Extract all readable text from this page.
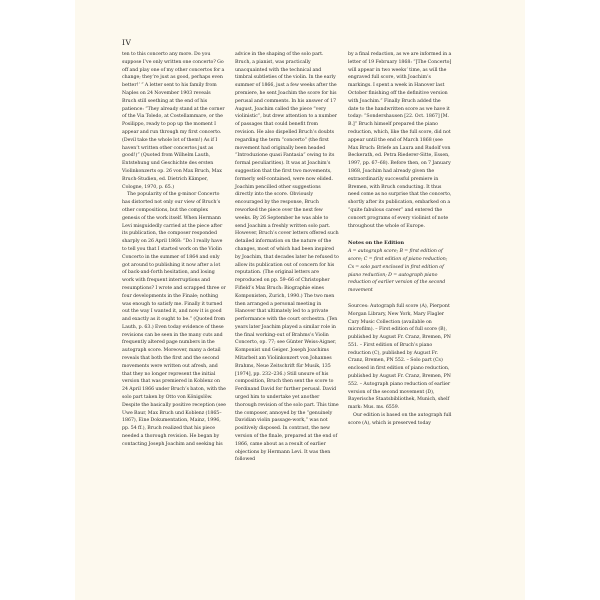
IV

ten to this concerto any more. Do you suppose I’ve only written one concerto? Go off and play one of my other concertos for a change; they’re just as good, perhaps even better!’ ” A letter sent to his family from Naples on 24 November 1903 reveals Bruch still seething at the end of his patience: “They already stand at the corner of the Via Toledo, at Costellammare, or the Posilippo, ready to pop up the moment I appear and run through my first concerto. (Devil take the whole lot of them!) As if I haven’t written other concertos just as good!)” (Quoted from Wilhelm Lauth, Entstehung und Geschichte des ersten Violinkonzerts op. 26 von Max Bruch, Max Bruch-Studien, ed. Dietrich Kämper, Cologne, 1970, p. 65.)

The popularity of the g-minor Concerto has distorted not only our view of Bruch’s other compositions, but the complex genesis of the work itself. When Hermann Levi misguidedly carried at the piece after its publication, the composer responded sharply on 26 April 1868: “Do I really have to tell you that I started work on the Violin Concerto in the summer of 1864 and only got around to publishing it now after a lot of back-and-forth hesitation, and losing work with frequent interruptions and resumptions? I wrote and scrapped three or four developments in the Finale; nothing was enough to satisfy me. Finally it turned out the way I wanted it, and now it is good and exactly as it ought to be.” (Quoted from Lauth, p. 63.) Even today evidence of these revisions can be seen in the many cuts and frequently altered page numbers in the autograph score. Moreover, many a detail reveals that both the first and the second movements were written out afresh, and that they no longer represent the initial version that was premiered in Koblenz on 24 April 1866 under Bruch’s baton, with the solo part taken by Otto von Königslöw. Despite the basically positive reception (see Uwe Baur, Max Bruch und Koblenz (1865–1867), Eine Dokumentation, Mainz, 1996, pp. 54 ff.), Bruch realized that his piece needed a thorough revision. He began by contacting Joseph Joachim and seeking his

advice in the shaping of the solo part. Bruch, a pianist, was practically unacquainted with the technical and timbral subtleties of the violin. In the early summer of 1866, just a few weeks after the premiere, he sent Joachim the score for his perusal and comments. In his answer of 17 August, Joachim called the piece “very violinistic”, but drew attention to a number of passages that could benefit from revision. He also dispelled Bruch’s doubts regarding the term “concerto” (the first movement had originally been headed “Introduzione quasi Fantasia” owing to its formal peculiarities). It was at Joachim’s suggestion that the first two movements, formerly self-contained, were now elided. Joachim pencilled other suggestions directly into the score. Obviously encouraged by the response, Bruch reworked the piece over the next few weeks. By 26 September he was able to send Joachim a freshly written solo part. However, Bruch’s cover letters offered such detailed information on the nature of the changes, most of which had been inspired by Joachim, that decades later he refused to allow its publication out of concern for his reputation. (The original letters are reproduced on pp. 59–66 of Christopher Fifield’s Max Bruch: Biographie eines Komponisten, Zurich, 1990.) The two men then arranged a personal meeting in Hanover that ultimately led to a private performance with the court orchestra. (Ten years later Joachim played a similar role in the final working-out of Brahms’s Violin Concerto, op. 77; see Günter Weiss-Aigner, Komponist und Geiger. Joseph Joachims Mitarbeit am Violinkonzert von Johannes Brahms, Neue Zeitschrift für Musik, 135 [1974], pp. 232–236.) Still unsure of his composition, Bruch then sent the score to Ferdinand David for further perusal. David urged him to undertake yet another thorough revision of the solo part. This time the composer, annoyed by the “genuinely Davidian violin passage-work,” was not positively disposed. In contrast, the new version of the finale, prepared at the end of 1866, came about as a result of earlier objections by Hermann Levi. It was then followed

by a final redaction, as we are informed in a letter of 19 February 1868: “[The Concerto] will appear in two weeks’ time, as will the engraved full score, with Joachim’s markings. I spent a week in Hanover last October finishing off the definitive version with Joachim.” Finally Bruch added the date to the handwritten score as we have it today: “Sondershausen [22. Oct. 1867] [M. B.]” Bruch himself prepared the piano reduction, which, like the full score, did not appear until the end of March 1868 (see Max Bruch: Briefe an Laura and Rudolf von Beckerath, ed. Petra Riederer-Sitte, Essen, 1997, pp. 67–68). Before then, on 7 January 1868, Joachim had already given the extraordinarily successful premiere in Bremen, with Bruch conducting. It thus need come as no surprise that the concerto, shortly after its publication, embarked on a “quite fabulous career” and entered the concert programs of every violinist of note throughout the whole of Europe.

Notes on the Edition

A = autograph score; B = first edition of score; C = first edition of piano reduction; Cs = solo part enclosed in first edition of piano reduction; D = autograph piano reduction of earlier version of the second movement

Sources: Autograph full score (A), Pierpont Morgan Library, New York, Mary Flagler Cary Music Collection (available on microfilm). – First edition of full score (B), published by August Fr. Cranz, Bremen, PN 551. – First edition of Bruch’s piano reduction (C), published by August Fr. Cranz, Bremen, PN 552. – Solo part (Cs) enclosed in first edition of piano reduction, published by August Fr. Cranz, Bremen, PN 552. – Autograph piano reduction of earlier version of the second movement (D), Bayerische Staatsbibliothek, Munich, shelf mark: Mus. ms. 6559.

Our edition is based on the autograph full score (A), which is preserved today
